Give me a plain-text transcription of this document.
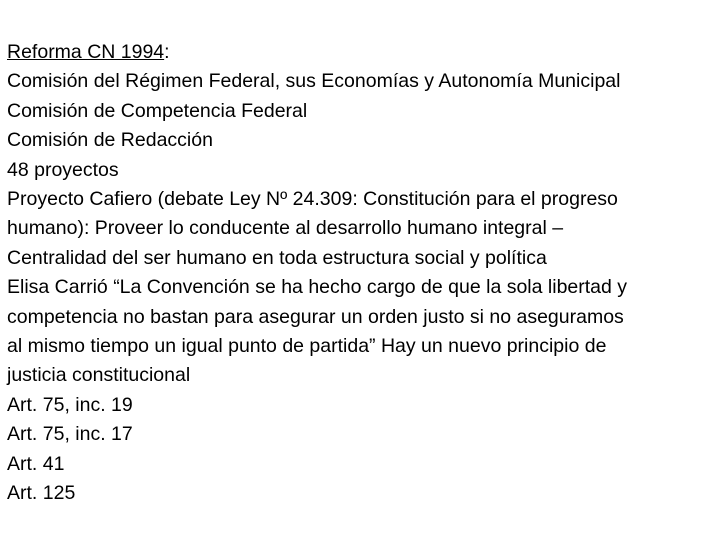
Reforma CN 1994:
Comisión del Régimen Federal, sus Economías y Autonomía Municipal
Comisión de Competencia Federal
Comisión de Redacción
48 proyectos
Proyecto Cafiero (debate Ley Nº 24.309: Constitución para el progreso
humano): Proveer lo conducente al desarrollo humano integral –
Centralidad del ser humano en toda estructura social y política
Elisa Carrió “La Convención se ha hecho cargo de que la sola libertad y
competencia no bastan para asegurar un orden justo si no aseguramos
al mismo tiempo un igual punto de partida” Hay un nuevo principio de
justicia constitucional
Art. 75, inc. 19
Art. 75, inc. 17
Art. 41
Art. 125
